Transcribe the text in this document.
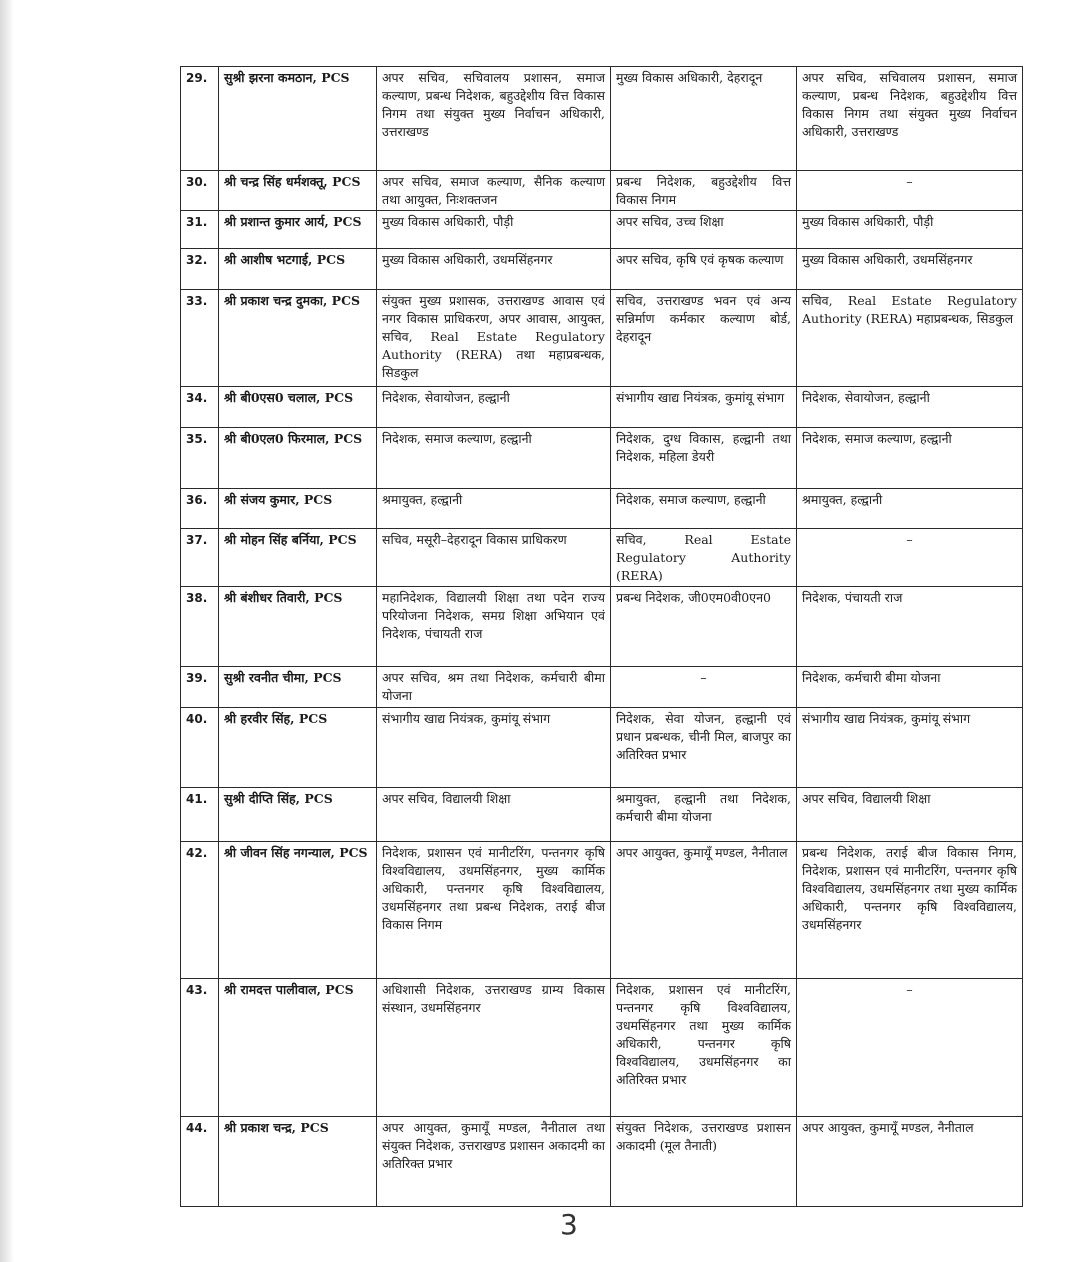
29.	सुश्री झरना कमठान, PCS	अपर सचिव, सचिवालय प्रशासन, समाज कल्याण, प्रबन्ध निदेशक, बहुउद्देशीय वित्त विकास निगम तथा संयुक्त मुख्य निर्वाचन अधिकारी, उत्तराखण्ड	मुख्य विकास अधिकारी, देहरादून	अपर सचिव, सचिवालय प्रशासन, समाज कल्याण, प्रबन्ध निदेशक, बहुउद्देशीय वित्त विकास निगम तथा संयुक्त मुख्य निर्वाचन अधिकारी, उत्तराखण्ड
30.	श्री चन्द्र सिंह धर्मशक्तू, PCS	अपर सचिव, समाज कल्याण, सैनिक कल्याण तथा आयुक्त, निःशक्तजन	प्रबन्ध निदेशक, बहुउद्देशीय वित्त विकास निगम	–
31.	श्री प्रशान्त कुमार आर्य, PCS	मुख्य विकास अधिकारी, पौड़ी	अपर सचिव, उच्च शिक्षा	मुख्य विकास अधिकारी, पौड़ी
32.	श्री आशीष भटगाई, PCS	मुख्य विकास अधिकारी, उधमसिंहनगर	अपर सचिव, कृषि एवं कृषक कल्याण	मुख्य विकास अधिकारी, उधमसिंहनगर
33.	श्री प्रकाश चन्द्र दुमका, PCS	संयुक्त मुख्य प्रशासक, उत्तराखण्ड आवास एवं नगर विकास प्राधिकरण, अपर आवास, आयुक्त, सचिव, Real Estate Regulatory Authority (RERA) तथा महाप्रबन्धक, सिडकुल	सचिव, उत्तराखण्ड भवन एवं अन्य सन्निर्माण कर्मकार कल्याण बोर्ड, देहरादून	सचिव, Real Estate Regulatory Authority (RERA) महाप्रबन्धक, सिडकुल
34.	श्री बी0एस0 चलाल, PCS	निदेशक, सेवायोजन, हल्द्वानी	संभागीय खाद्य नियंत्रक, कुमांयू संभाग	निदेशक, सेवायोजन, हल्द्वानी
35.	श्री बी0एल0 फिरमाल, PCS	निदेशक, समाज कल्याण, हल्द्वानी	निदेशक, दुग्ध विकास, हल्द्वानी तथा निदेशक, महिला डेयरी	निदेशक, समाज कल्याण, हल्द्वानी
36.	श्री संजय कुमार, PCS	श्रमायुक्त, हल्द्वानी	निदेशक, समाज कल्याण, हल्द्वानी	श्रमायुक्त, हल्द्वानी
37.	श्री मोहन सिंह बर्निया, PCS	सचिव, मसूरी–देहरादून विकास प्राधिकरण	सचिव, Real Estate Regulatory Authority (RERA)	–
38.	श्री बंशीधर तिवारी, PCS	महानिदेशक, विद्यालयी शिक्षा तथा पदेन राज्य परियोजना निदेशक, समग्र शिक्षा अभियान एवं निदेशक, पंचायती राज	प्रबन्ध निदेशक, जी0एम0वी0एन0	निदेशक, पंचायती राज
39.	सुश्री रवनीत चीमा, PCS	अपर सचिव, श्रम तथा निदेशक, कर्मचारी बीमा योजना	–	निदेशक, कर्मचारी बीमा योजना
40.	श्री हरवीर सिंह, PCS	संभागीय खाद्य नियंत्रक, कुमांयू संभाग	निदेशक, सेवा योजन, हल्द्वानी एवं प्रधान प्रबन्धक, चीनी मिल, बाजपुर का अतिरिक्त प्रभार	संभागीय खाद्य नियंत्रक, कुमांयू संभाग
41.	सुश्री दीप्ति सिंह, PCS	अपर सचिव, विद्यालयी शिक्षा	श्रमायुक्त, हल्द्वानी तथा निदेशक, कर्मचारी बीमा योजना	अपर सचिव, विद्यालयी शिक्षा
42.	श्री जीवन सिंह नगन्याल, PCS	निदेशक, प्रशासन एवं मानीटरिंग, पन्तनगर कृषि विश्वविद्यालय, उधमसिंहनगर, मुख्य कार्मिक अधिकारी, पन्तनगर कृषि विश्वविद्यालय, उधमसिंहनगर तथा प्रबन्ध निदेशक, तराई बीज विकास निगम	अपर आयुक्त, कुमायूँ मण्डल, नैनीताल	प्रबन्ध निदेशक, तराई बीज विकास निगम, निदेशक, प्रशासन एवं मानीटरिंग, पन्तनगर कृषि विश्वविद्यालय, उधमसिंहनगर तथा मुख्य कार्मिक अधिकारी, पन्तनगर कृषि विश्वविद्यालय, उधमसिंहनगर
43.	श्री रामदत्त पालीवाल, PCS	अधिशासी निदेशक, उत्तराखण्ड ग्राम्य विकास संस्थान, उधमसिंहनगर	निदेशक, प्रशासन एवं मानीटरिंग, पन्तनगर कृषि विश्वविद्यालय, उधमसिंहनगर तथा मुख्य कार्मिक अधिकारी, पन्तनगर कृषि विश्वविद्यालय, उधमसिंहनगर का अतिरिक्त प्रभार	–
44.	श्री प्रकाश चन्द्र, PCS	अपर आयुक्त, कुमायूँ मण्डल, नैनीताल तथा संयुक्त निदेशक, उत्तराखण्ड प्रशासन अकादमी का अतिरिक्त प्रभार	संयुक्त निदेशक, उत्तराखण्ड प्रशासन अकादमी (मूल तैनाती)	अपर आयुक्त, कुमायूँ मण्डल, नैनीताल
3
